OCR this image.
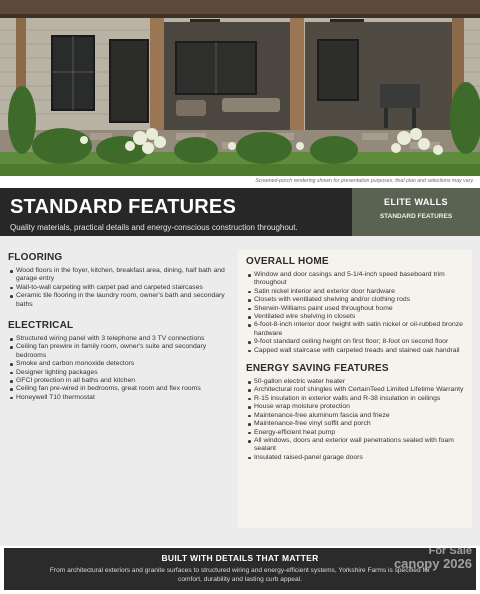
Screened-porch rendering shown for presentation purposes; final plan and selections may vary.
STANDARD FEATURES

Quality materials, practical details and energy-conscious construction throughout.

ELITE WALLS
STANDARD FEATURES
FLOORING
Wood floors in the foyer, kitchen, breakfast area, dining, half bath and garage entry
Wall-to-wall carpeting with carpet pad and carpeted staircases
Ceramic tile flooring in the laundry room, owner's bath and secondary baths
ELECTRICAL
Structured wiring panel with 3 telephone and 3 TV connections
Ceiling fan prewire in family room, owner's suite and secondary bedrooms
Smoke and carbon monoxide detectors
Designer lighting packages
GFCI protection in all baths and kitchen
Ceiling fan pre-wired in bedrooms, great room and flex rooms
Honeywell T10 thermostat
OVERALL HOME
Window and door casings and 5-1/4-inch speed baseboard trim throughout
Satin nickel interior and exterior door hardware
Closets with ventilated shelving and/or clothing rods
Sherwin-Williams paint used throughout home
Ventilated wire shelving in closets
6-foot-8-inch interior door height with satin nickel or oil-rubbed bronze hardware
9-foot standard ceiling height on first floor; 8-foot on second floor
Capped wall staircase with carpeted treads and stained oak handrail
ENERGY SAVING FEATURES
50-gallon electric water heater
Architectural roof shingles with CertainTeed Limited Lifetime Warranty
R-15 insulation in exterior walls and R-38 insulation in ceilings
House wrap moisture protection
Maintenance-free aluminum fascia and frieze
Maintenance-free vinyl soffit and porch
Energy-efficient heat pump
All windows, doors and exterior wall penetrations sealed with foam sealant
Insulated raised-panel garage doors
BUILT WITH DETAILS THAT MATTER

From architectural exteriors and granite surfaces to structured wiring and energy-efficient systems, Yorkshire Farms is specified for comfort, durability and lasting curb appeal.

For Sale
canopy 2026
